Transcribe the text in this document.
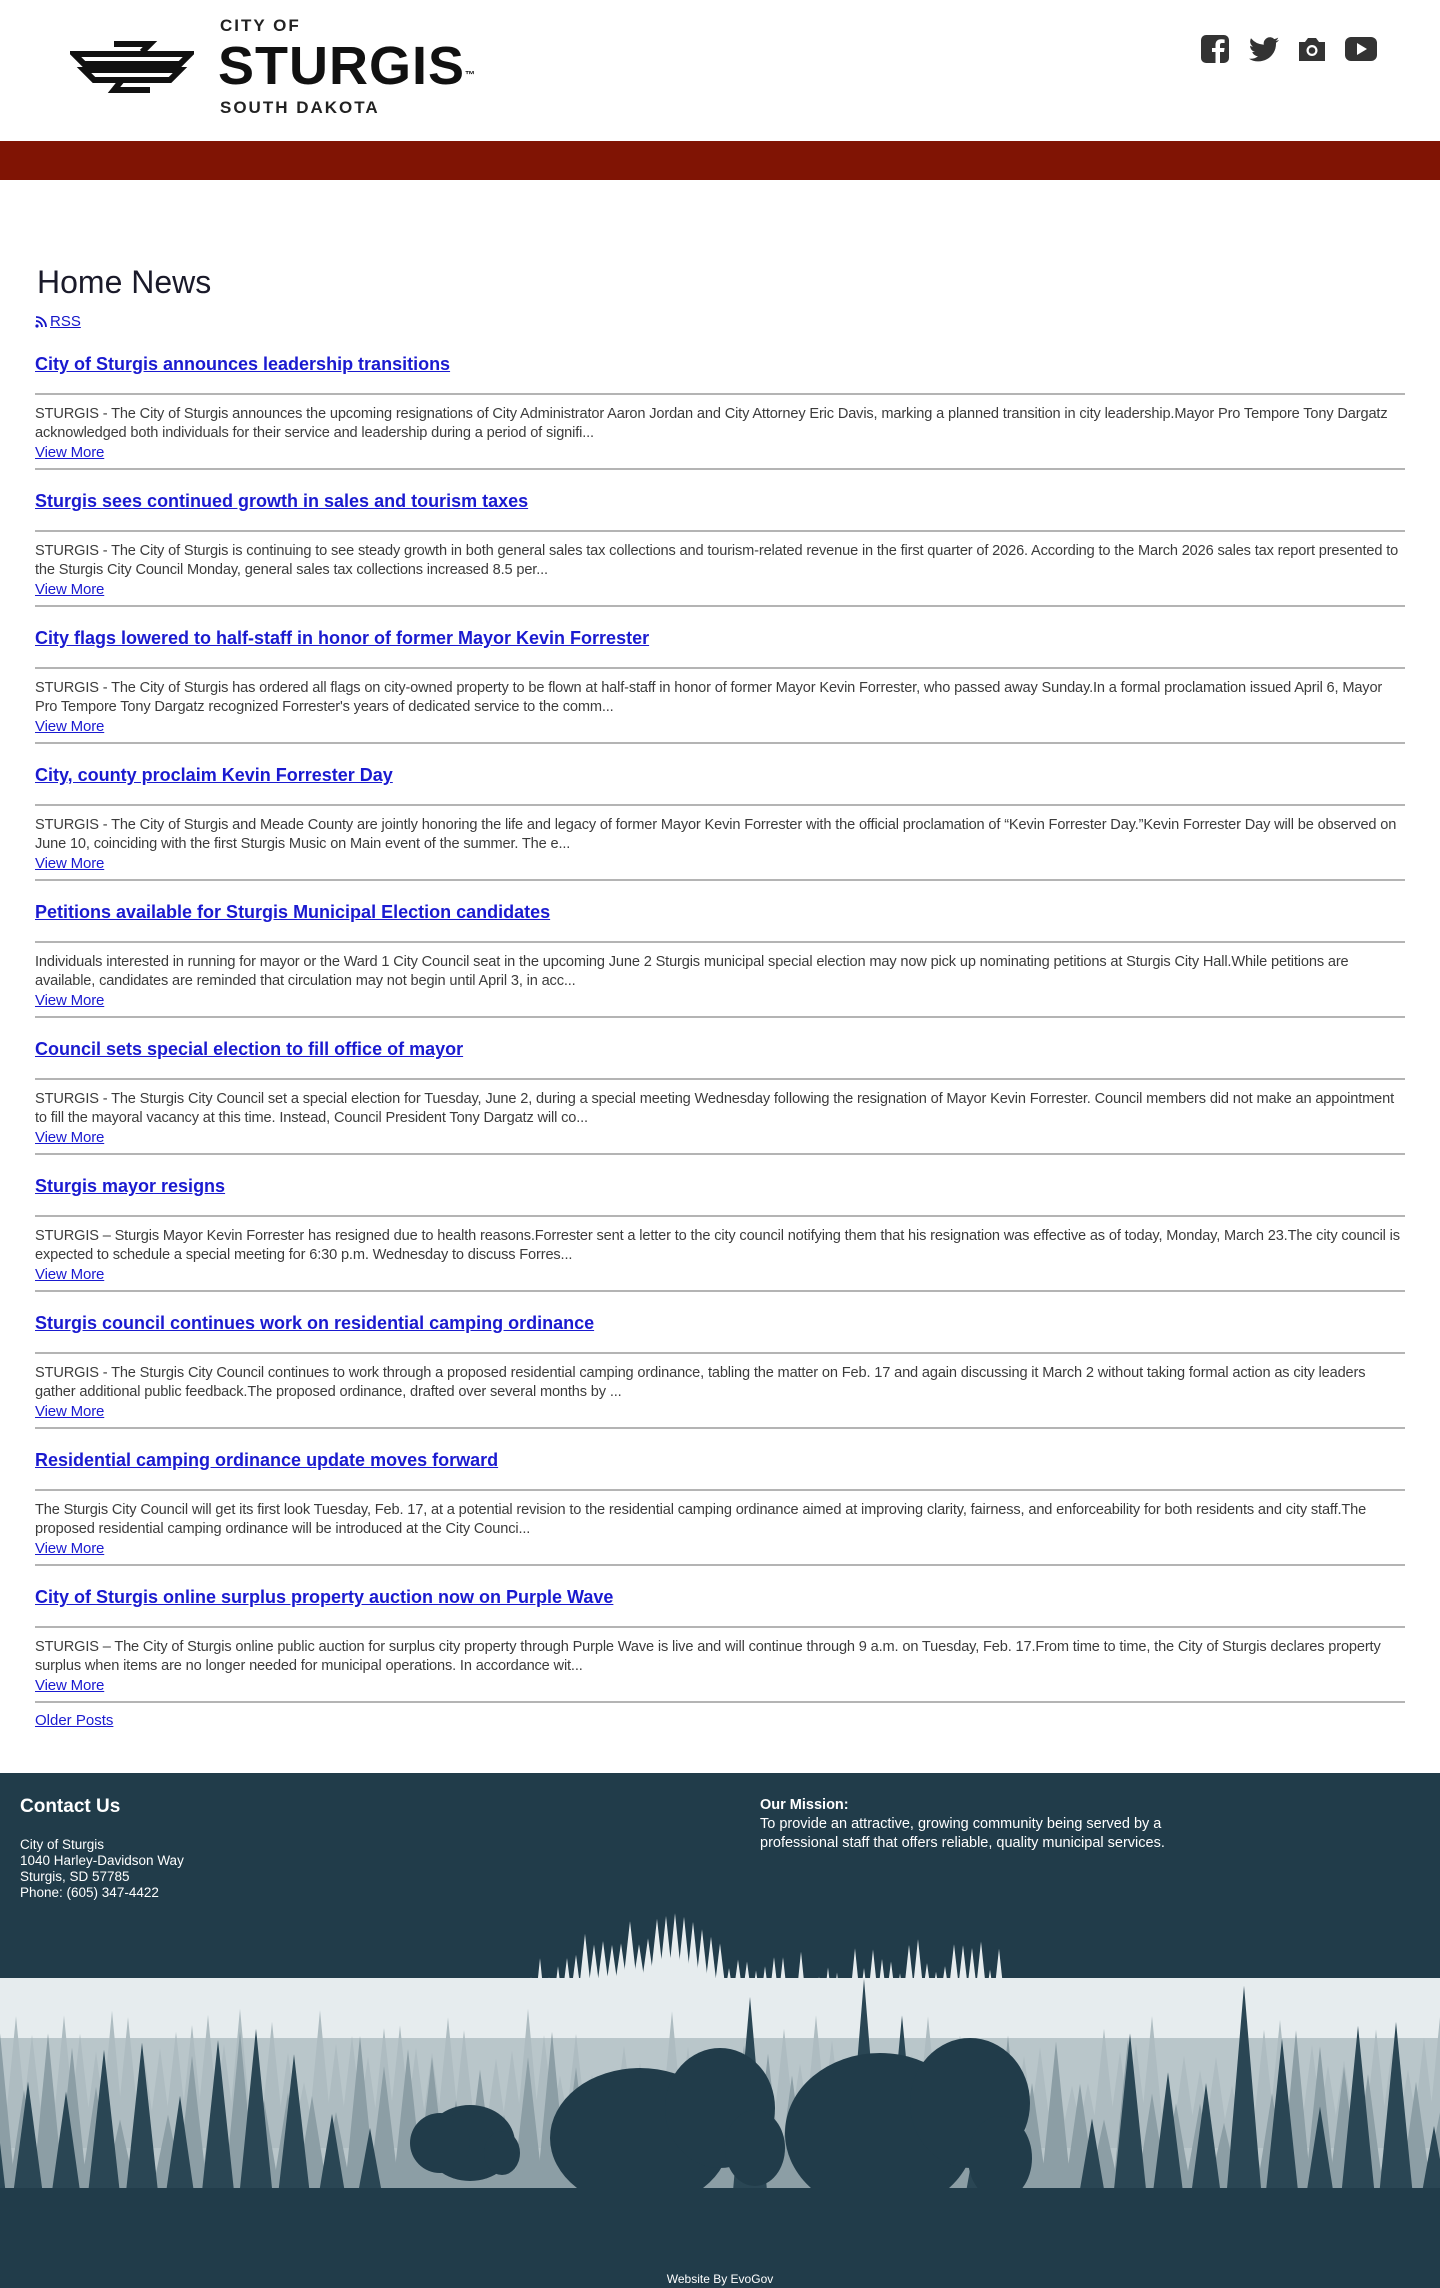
CITY OF
STURGIS™
SOUTH DAKOTA
Home News
RSS
City of Sturgis announces leadership transitions
STURGIS - The City of Sturgis announces the upcoming resignations of City Administrator Aaron Jordan and City Attorney Eric Davis, marking a planned transition in city leadership.Mayor Pro Tempore Tony Dargatz acknowledged both individuals for their service and leadership during a period of signifi...
View More
Sturgis sees continued growth in sales and tourism taxes
STURGIS - The City of Sturgis is continuing to see steady growth in both general sales tax collections and tourism-related revenue in the first quarter of 2026. According to the March 2026 sales tax report presented to the Sturgis City Council Monday, general sales tax collections increased 8.5 per...
View More
City flags lowered to half-staff in honor of former Mayor Kevin Forrester
STURGIS - The City of Sturgis has ordered all flags on city-owned property to be flown at half-staff in honor of former Mayor Kevin Forrester, who passed away Sunday.In a formal proclamation issued April 6, Mayor Pro Tempore Tony Dargatz recognized Forrester's years of dedicated service to the comm...
View More
City, county proclaim Kevin Forrester Day
STURGIS - The City of Sturgis and Meade County are jointly honoring the life and legacy of former Mayor Kevin Forrester with the official proclamation of “Kevin Forrester Day.”Kevin Forrester Day will be observed on June 10, coinciding with the first Sturgis Music on Main event of the summer. The e...
View More
Petitions available for Sturgis Municipal Election candidates
Individuals interested in running for mayor or the Ward 1 City Council seat in the upcoming June 2 Sturgis municipal special election may now pick up nominating petitions at Sturgis City Hall.While petitions are available, candidates are reminded that circulation may not begin until April 3, in acc...
View More
Council sets special election to fill office of mayor
STURGIS - The Sturgis City Council set a special election for Tuesday, June 2, during a special meeting Wednesday following the resignation of Mayor Kevin Forrester. Council members did not make an appointment to fill the mayoral vacancy at this time. Instead, Council President Tony Dargatz will co...
View More
Sturgis mayor resigns
STURGIS – Sturgis Mayor Kevin Forrester has resigned due to health reasons.Forrester sent a letter to the city council notifying them that his resignation was effective as of today, Monday, March 23.The city council is expected to schedule a special meeting for 6:30 p.m. Wednesday to discuss Forres...
View More
Sturgis council continues work on residential camping ordinance
STURGIS - The Sturgis City Council continues to work through a proposed residential camping ordinance, tabling the matter on Feb. 17 and again discussing it March 2 without taking formal action as city leaders gather additional public feedback.The proposed ordinance, drafted over several months by ...
View More
Residential camping ordinance update moves forward
The Sturgis City Council will get its first look Tuesday, Feb. 17, at a potential revision to the residential camping ordinance aimed at improving clarity, fairness, and enforceability for both residents and city staff.The proposed residential camping ordinance will be introduced at the City Counci...
View More
City of Sturgis online surplus property auction now on Purple Wave
STURGIS – The City of Sturgis online public auction for surplus city property through Purple Wave is live and will continue through 9 a.m. on Tuesday, Feb. 17.From time to time, the City of Sturgis declares property surplus when items are no longer needed for municipal operations. In accordance wit...
View More
Older Posts
Contact Us
City of Sturgis
1040 Harley-Davidson Way
Sturgis, SD 57785
Phone: (605) 347-4422
Our Mission:
To provide an attractive, growing community being served by a professional staff that offers reliable, quality municipal services.
Website By EvoGov
